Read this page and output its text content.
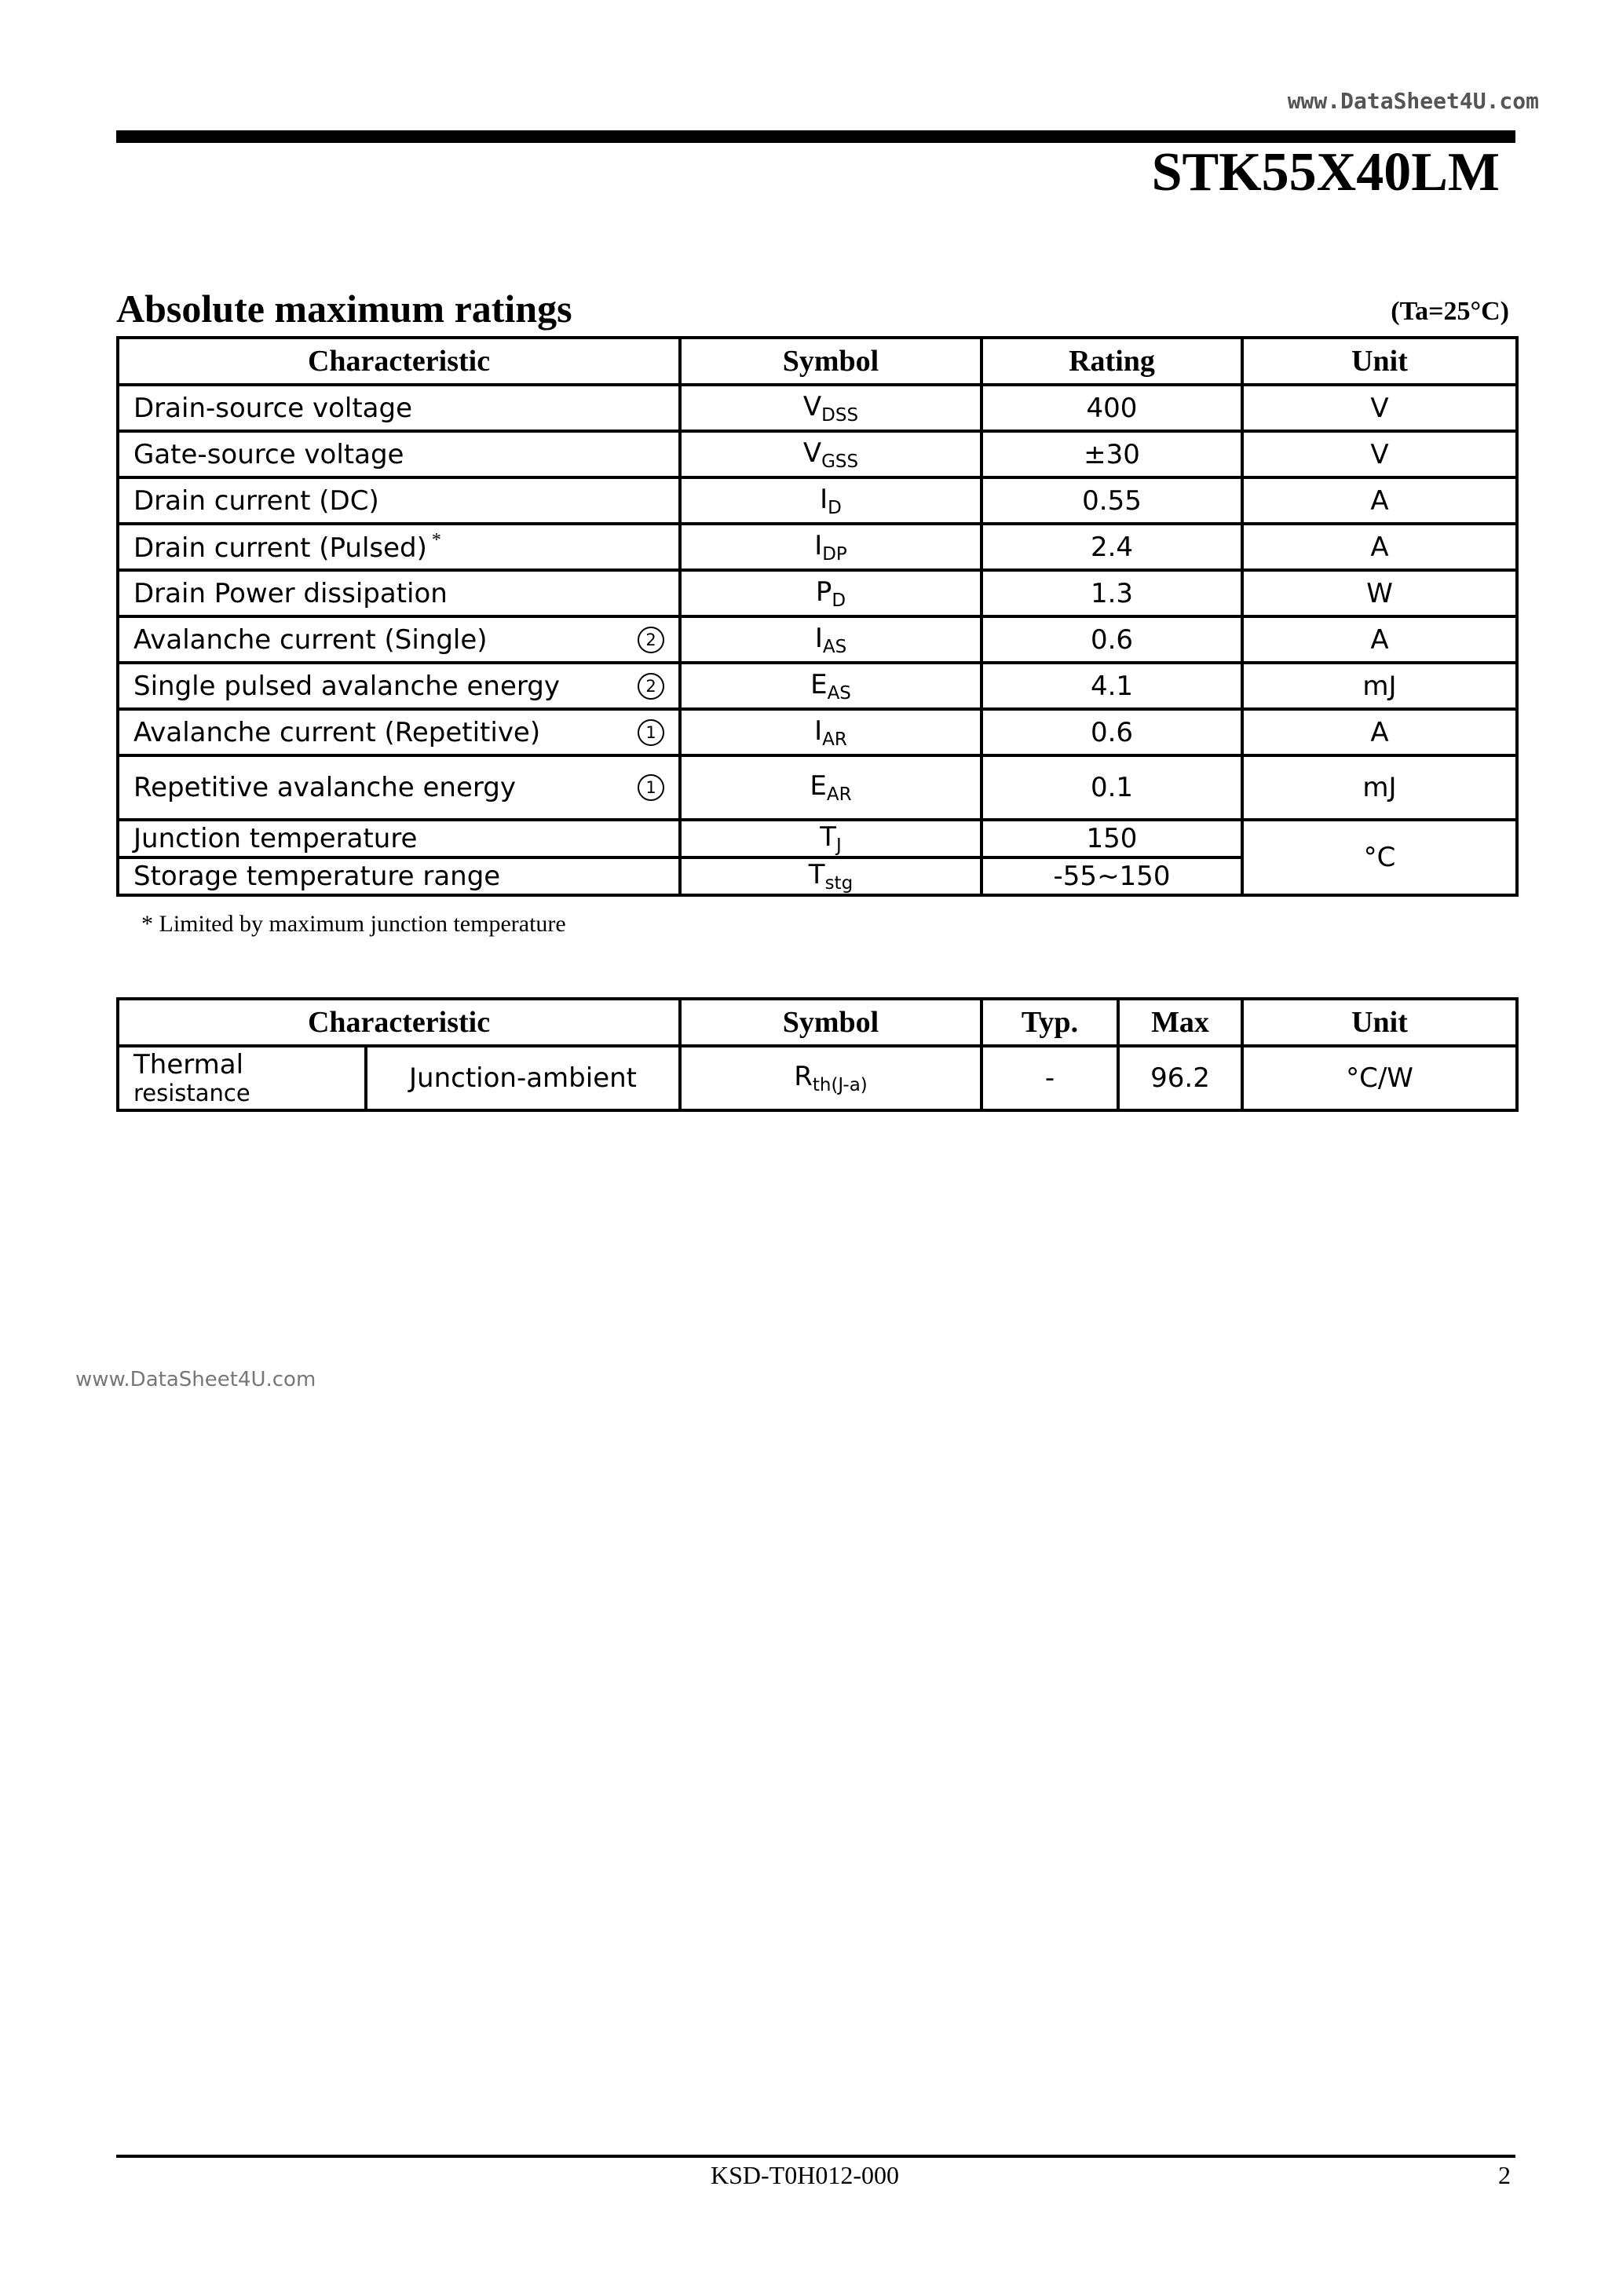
www.DataSheet4U.com
STK55X40LM
Absolute maximum ratings	(Ta=25°C)
Characteristic	Symbol	Rating	Unit
Drain-source voltage	$V_{DSS}$	400	V
Gate-source voltage	$V_{GSS}$	±30	V
Drain current (DC)	$I_D$	0.55	A
Drain current (Pulsed) *	$I_{DP}$	2.4	A
Drain Power dissipation	$P_D$	1.3	W
Avalanche current (Single) 2	$I_{AS}$	0.6	A
Single pulsed avalanche energy 2	$E_{AS}$	4.1	mJ
Avalanche current (Repetitive) 1	$I_{AR}$	0.6	A
Repetitive avalanche energy 1	$E_{AR}$	0.1	mJ
Junction temperature	$T_J$	150	°C
Storage temperature range	$T_{stg}$	-55~150	
* Limited by maximum junction temperature
Characteristic		Symbol	Typ.	Max	Unit

Thermal
resistance	Junction-ambient	$R_{th(J-a)}$	-	96.2	°C/W
www.DataSheet4U.com
KSD-T0H012-000	2
